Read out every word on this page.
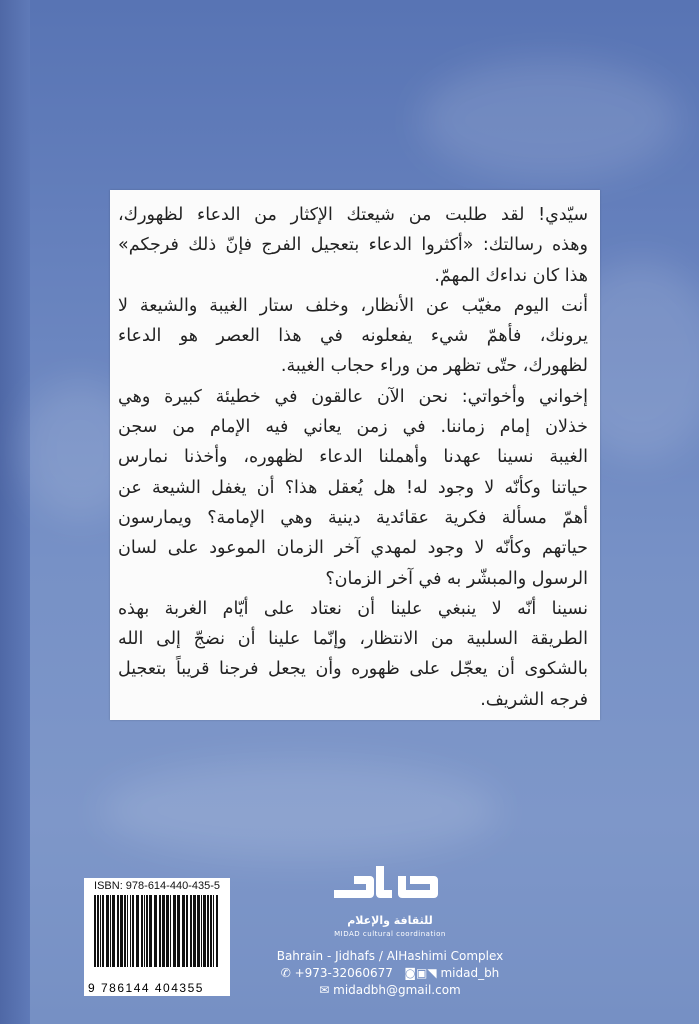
سيّدي! لقد طلبت من شيعتك الإكثار من الدعاء لظهورك،
وهذه رسالتك: «أكثروا الدعاء بتعجيل الفرج فإنّ ذلك فرجكم»
هذا كان نداءك المهمّ.
أنت اليوم مغيّب عن الأنظار، وخلف ستار الغيبة والشيعة لا
يرونك، فأهمّ شيء يفعلونه في هذا العصر هو الدعاء
لظهورك، حتّى تظهر من وراء حجاب الغيبة.
إخواني وأخواتي: نحن الآن عالقون في خطيئة كبيرة وهي
خذلان إمام زماننا. في زمن يعاني فيه الإمام من سجن
الغيبة نسينا عهدنا وأهملنا الدعاء لظهوره، وأخذنا نمارس
حياتنا وكأنّه لا وجود له! هل يُعقل هذا؟ أن يغفل الشيعة عن
أهمّ مسألة فكرية عقائدية دينية وهي الإمامة؟ ويمارسون
حياتهم وكأنّه لا وجود لمهدي آخر الزمان الموعود على لسان
الرسول والمبشّر به في آخر الزمان؟
نسينا أنّه لا ينبغي علينا أن نعتاد على أيّام الغربة بهذه
الطريقة السلبية من الانتظار، وإنّما علينا أن نضجّ إلى الله
بالشكوى أن يعجّل على ظهوره وأن يجعل فرجنا قريباً بتعجيل
فرجه الشريف.
ISBN: 978-614-440-435-5
9 786144 404355
للثقافة والإعلام
MIDAD cultural coordination
Bahrain - Jidhafs / AlHashimi Complex
✆ +973-32060677 ◙▣◥ midad_bh
✉ midadbh@gmail.com
